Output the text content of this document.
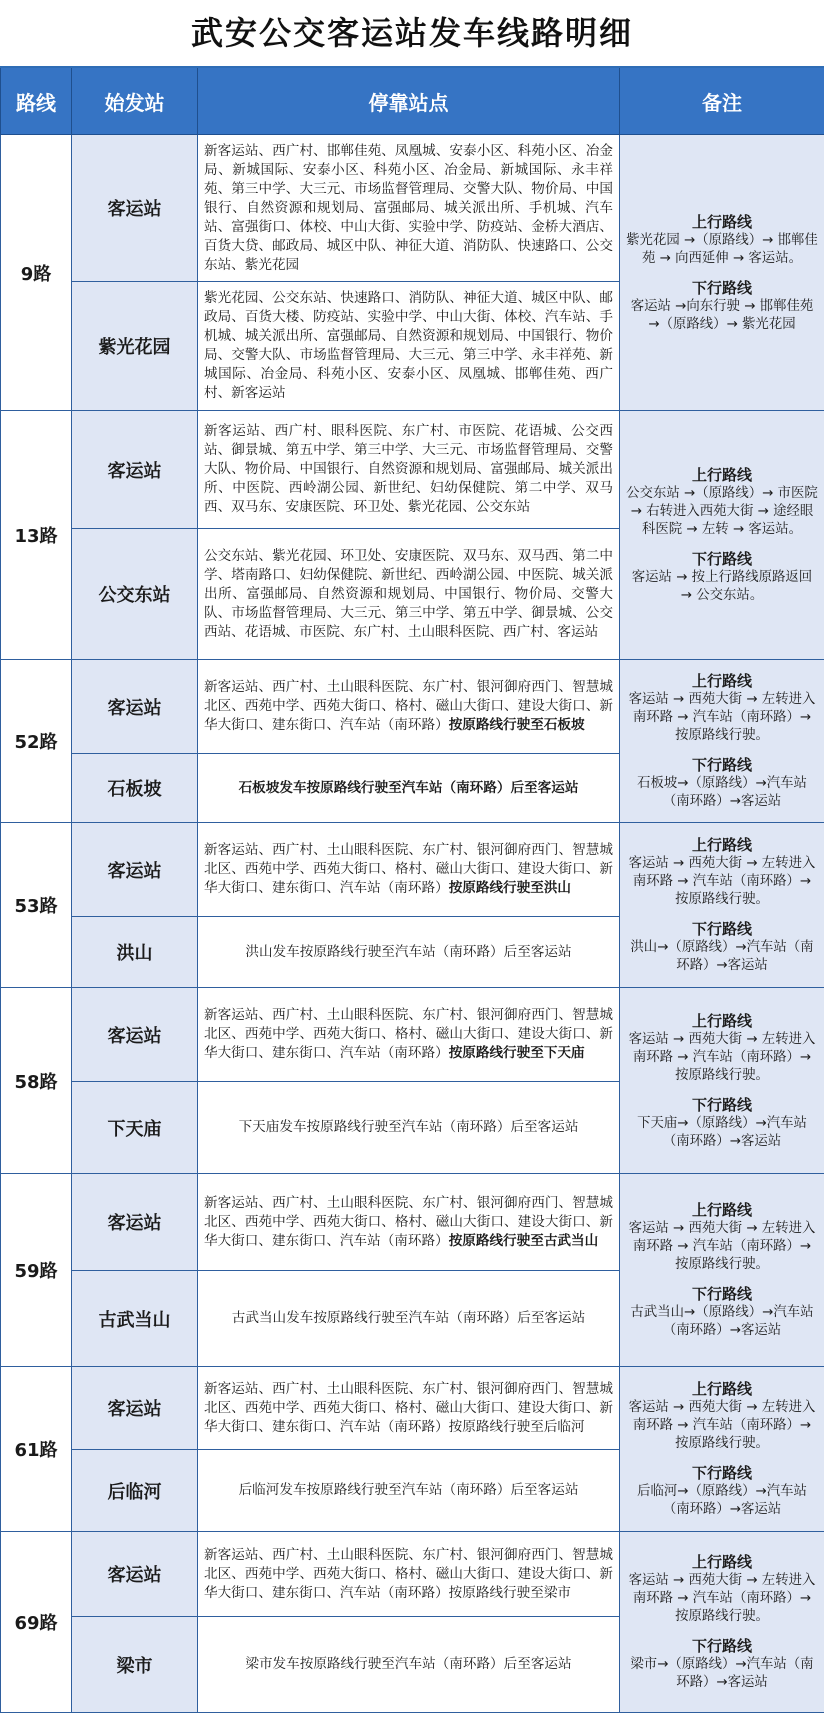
武安公交客运站发车线路明细
路线	始发站	停靠站点	备注
9路	客运站	新客运站、西广村、邯郸佳苑、凤凰城、安泰小区、科苑小区、冶金局、新城国际、安泰小区、科苑小区、冶金局、新城国际、永丰祥苑、第三中学、大三元、市场监督管理局、交警大队、物价局、中国银行、自然资源和规划局、富强邮局、城关派出所、手机城、汽车站、富强街口、体校、中山大街、实验中学、防疫站、金桥大酒店、百货大贷、邮政局、城区中队、神征大道、消防队、快速路口、公交东站、紫光花园	上行路线
紫光花园 →（原路线）→ 邯郸佳苑 → 向西延伸 → 客运站。
下行路线
客运站 →向东行驶 → 邯郸佳苑 →（原路线）→ 紫光花园

	紫光花园	紫光花园、公交东站、快速路口、消防队、神征大道、城区中队、邮政局、百货大楼、防疫站、实验中学、中山大街、体校、汽车站、手机城、城关派出所、富强邮局、自然资源和规划局、中国银行、物价局、交警大队、市场监督管理局、大三元、第三中学、永丰祥苑、新城国际、冶金局、科苑小区、安泰小区、凤凰城、邯郸佳苑、西广村、新客运站	
13路	客运站	新客运站、西广村、眼科医院、东广村、市医院、花语城、公交西站、御景城、第五中学、第三中学、大三元、市场监督管理局、交警大队、物价局、中国银行、自然资源和规划局、富强邮局、城关派出所、中医院、西岭湖公园、新世纪、妇幼保健院、第二中学、双马西、双马东、安康医院、环卫处、紫光花园、公交东站	上行路线
公交东站 →（原路线）→ 市医院 → 右转进入西苑大街 → 途经眼科医院 → 左转 → 客运站。
下行路线
客运站 → 按上行路线原路返回 → 公交东站。

	公交东站	公交东站、紫光花园、环卫处、安康医院、双马东、双马西、第二中学、塔南路口、妇幼保健院、新世纪、西岭湖公园、中医院、城关派出所、富强邮局、自然资源和规划局、中国银行、物价局、交警大队、市场监督管理局、大三元、第三中学、第五中学、御景城、公交西站、花语城、市医院、东广村、土山眼科医院、西广村、客运站	
52路	客运站	新客运站、西广村、土山眼科医院、东广村、银河御府西门、智慧城北区、西苑中学、西苑大街口、格村、磁山大街口、建设大街口、新华大街口、建东街口、汽车站（南环路）按原路线行驶至石板坡	上行路线
客运站 → 西苑大街 → 左转进入南环路 → 汽车站（南环路）→ 按原路线行驶。
下行路线
石板坡→（原路线）→汽车站（南环路）→客运站

	石板坡	石板坡发车按原路线行驶至汽车站（南环路）后至客运站	
53路	客运站	新客运站、西广村、土山眼科医院、东广村、银河御府西门、智慧城北区、西苑中学、西苑大街口、格村、磁山大街口、建设大街口、新华大街口、建东街口、汽车站（南环路）按原路线行驶至洪山	上行路线
客运站 → 西苑大街 → 左转进入南环路 → 汽车站（南环路）→ 按原路线行驶。
下行路线
洪山→（原路线）→汽车站（南环路）→客运站

	洪山	洪山发车按原路线行驶至汽车站（南环路）后至客运站	
58路	客运站	新客运站、西广村、土山眼科医院、东广村、银河御府西门、智慧城北区、西苑中学、西苑大街口、格村、磁山大街口、建设大街口、新华大街口、建东街口、汽车站（南环路）按原路线行驶至下天庙	上行路线
客运站 → 西苑大街 → 左转进入南环路 → 汽车站（南环路）→ 按原路线行驶。
下行路线
下天庙→（原路线）→汽车站（南环路）→客运站

	下天庙	下天庙发车按原路线行驶至汽车站（南环路）后至客运站	
59路	客运站	新客运站、西广村、土山眼科医院、东广村、银河御府西门、智慧城北区、西苑中学、西苑大街口、格村、磁山大街口、建设大街口、新华大街口、建东街口、汽车站（南环路）按原路线行驶至古武当山	上行路线
客运站 → 西苑大街 → 左转进入南环路 → 汽车站（南环路）→ 按原路线行驶。
下行路线
古武当山→（原路线）→汽车站（南环路）→客运站

	古武当山	古武当山发车按原路线行驶至汽车站（南环路）后至客运站	
61路	客运站	新客运站、西广村、土山眼科医院、东广村、银河御府西门、智慧城北区、西苑中学、西苑大街口、格村、磁山大街口、建设大街口、新华大街口、建东街口、汽车站（南环路）按原路线行驶至后临河	上行路线
客运站 → 西苑大街 → 左转进入南环路 → 汽车站（南环路）→ 按原路线行驶。
下行路线
后临河→（原路线）→汽车站（南环路）→客运站

	后临河	后临河发车按原路线行驶至汽车站（南环路）后至客运站	
69路	客运站	新客运站、西广村、土山眼科医院、东广村、银河御府西门、智慧城北区、西苑中学、西苑大街口、格村、磁山大街口、建设大街口、新华大街口、建东街口、汽车站（南环路）按原路线行驶至梁市	上行路线
客运站 → 西苑大街 → 左转进入南环路 → 汽车站（南环路）→ 按原路线行驶。
下行路线
梁市→（原路线）→汽车站（南环路）→客运站

	梁市	梁市发车按原路线行驶至汽车站（南环路）后至客运站	
